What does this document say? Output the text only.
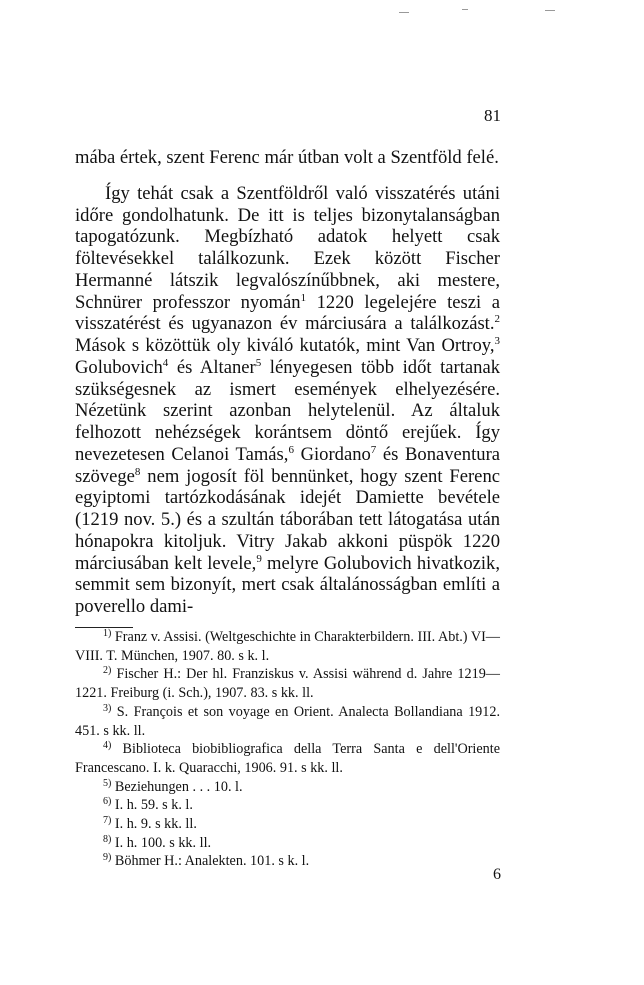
81

mába értek, szent Ferenc már útban volt a Szentföld felé.

Így tehát csak a Szentföldről való visszatérés utáni időre gondolhatunk. De itt is teljes bizonytalanságban tapogatózunk. Megbízható adatok helyett csak föltevésekkel találkozunk. Ezek között Fischer Hermanné látszik legvalószínűbbnek, aki mestere, Schnürer professzor nyomán$^1$ 1220 legelejére teszi a visszatérést és ugyanazon év márciusára a találkozást.$^2$ Mások s közöttük oly kiváló kutatók, mint Van Ortroy,$^3$ Golubovich$^4$ és Altaner$^5$ lényegesen több időt tartanak szükségesnek az ismert események elhelyezésére. Nézetünk szerint azonban helytelenül. Az általuk felhozott nehézségek korántsem döntő erejűek. Így nevezetesen Celanoi Tamás,$^6$ Giordano$^7$ és Bonaventura szövege$^8$ nem jogosít föl bennünket, hogy szent Ferenc egyiptomi tartózkodásának idejét Damiette bevétele (1219 nov. 5.) és a szultán táborában tett látogatása után hónapokra kitoljuk. Vitry Jakab akkoni püspök 1220 márciusában kelt levele,$^9$ melyre Golubovich hivatkozik, semmit sem bizonyít, mert csak általánosságban említi a poverello dami-

$^{1)}$ Franz v. Assisi. (Weltgeschichte in Charakterbildern. III. Abt.) VI—VIII. T. München, 1907. 80. s k. l.

$^{2)}$ Fischer H.: Der hl. Franziskus v. Assisi während d. Jahre 1219—1221. Freiburg (i. Sch.), 1907. 83. s kk. ll.

$^{3)}$ S. François et son voyage en Orient. Analecta Bollandiana 1912. 451. s kk. ll.

$^{4)}$ Biblioteca biobibliografica della Terra Santa e dell'Oriente Francescano. I. k. Quaracchi, 1906. 91. s kk. ll.

$^{5)}$ Beziehungen . . . 10. l.

$^{6)}$ I. h. 59. s k. l.

$^{7)}$ I. h. 9. s kk. ll.

$^{8)}$ I. h. 100. s kk. ll.

$^{9)}$ Böhmer H.: Analekten. 101. s k. l.

6
